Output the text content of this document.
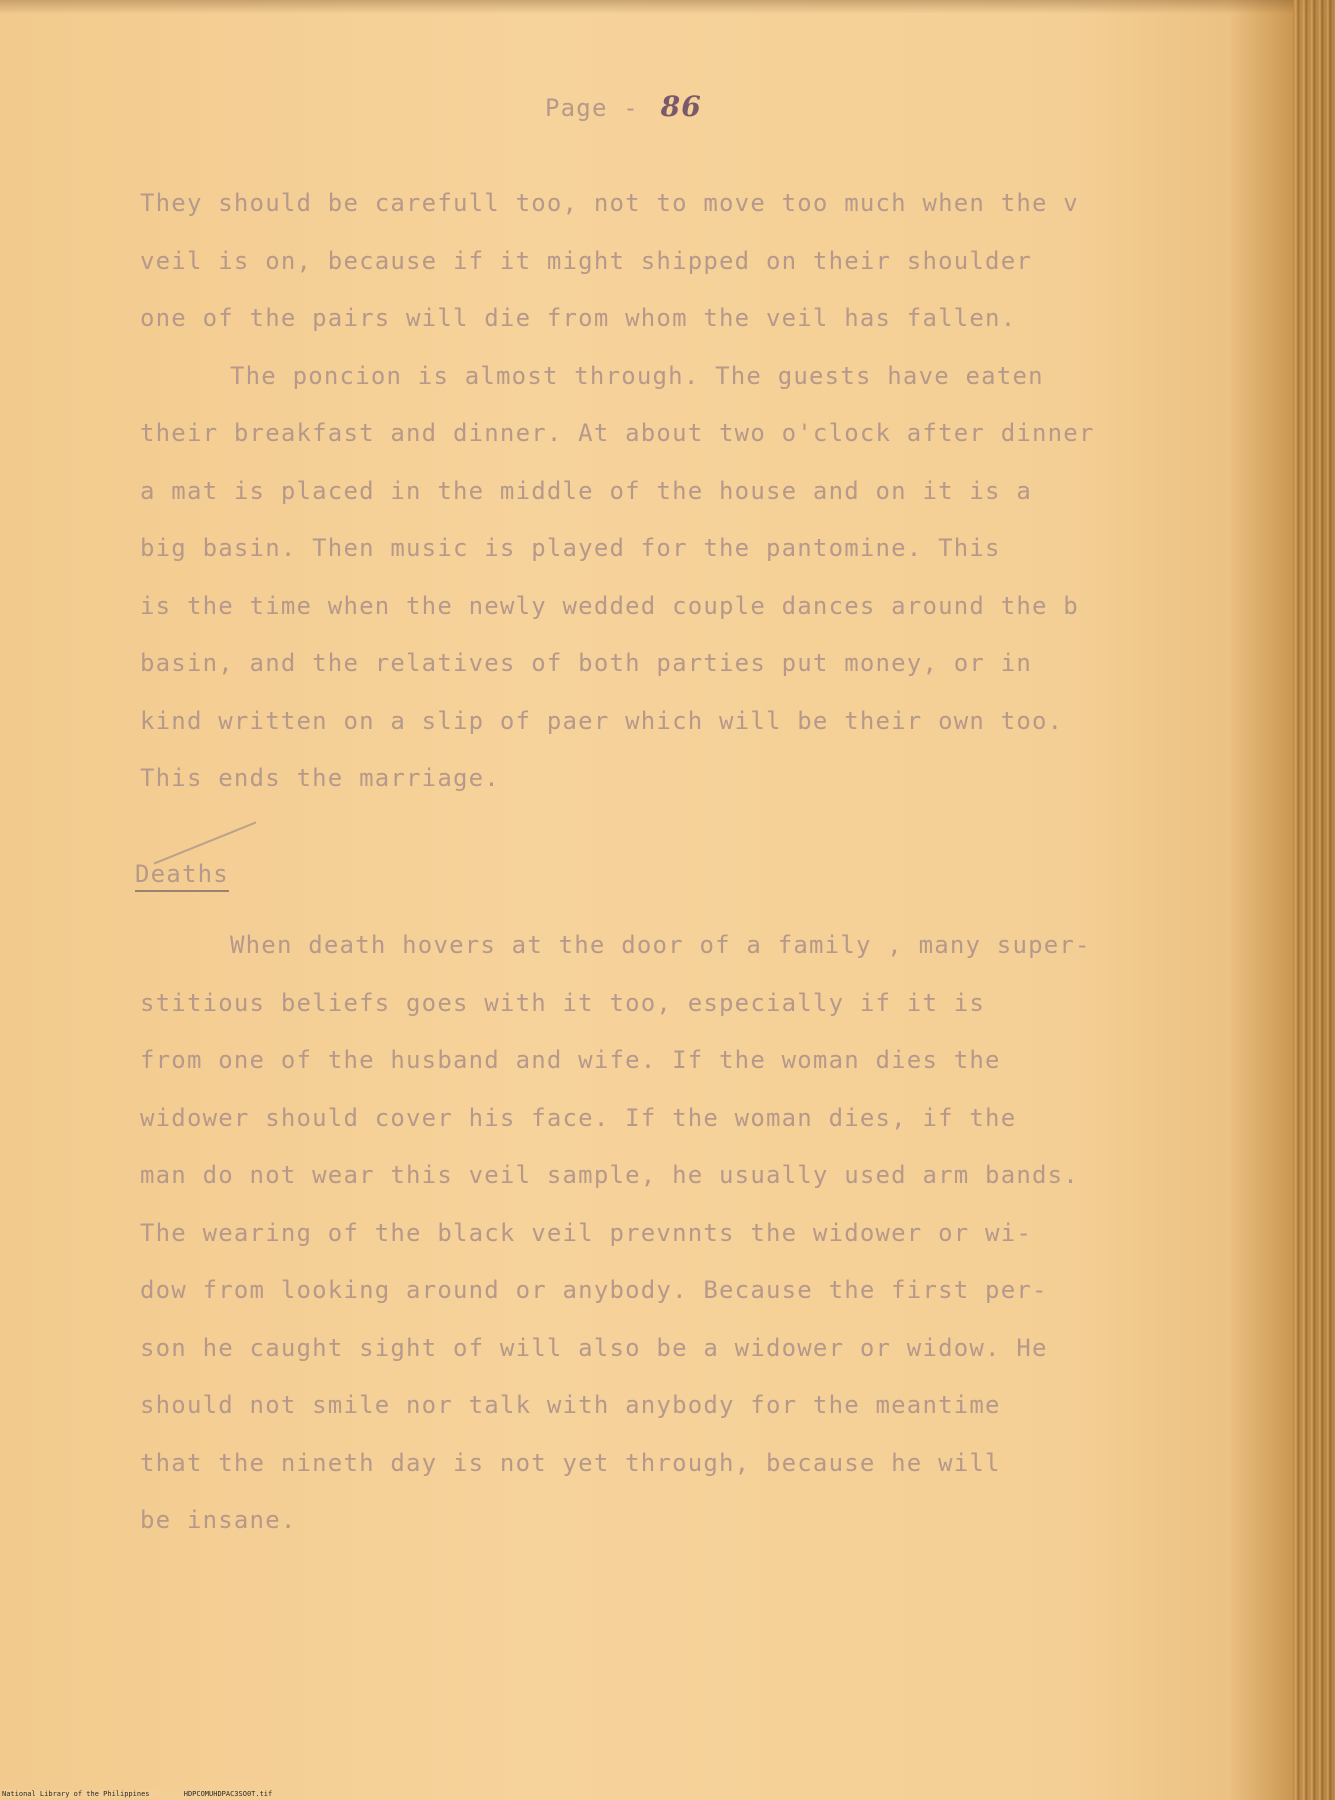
Page - 86
They should be carefull too, not to move too much when the v
veil is on, because if it might shipped on their shoulder
one of the pairs will die from whom the veil has fallen.
The poncion is almost through. The guests have eaten
their breakfast and dinner. At about two o'clock after dinner
a mat is placed in the middle of the house and on it is a
big basin. Then music is played for the pantomine. This
is the time when the newly wedded couple dances around the b
basin, and the relatives of both parties put money, or in
kind written on a slip of paer which will be their own too.
This ends the marriage.
Deaths
When death hovers at the door of a family , many super-
stitious beliefs goes with it too, especially if it is
from one of the husband and wife. If the woman dies the
widower should cover his face. If the woman dies, if the
man do not wear this veil sample, he usually used arm bands.
The wearing of the black veil prevnnts the widower or wi-
dow from looking around or anybody. Because the first per-
son he caught sight of will also be a widower or widow. He
should not smile nor talk with anybody for the meantime
that the nineth day is not yet through, because he will
be insane.
National Library of the Philippines	HDPCOMUHDPAC3SO0T.tif
